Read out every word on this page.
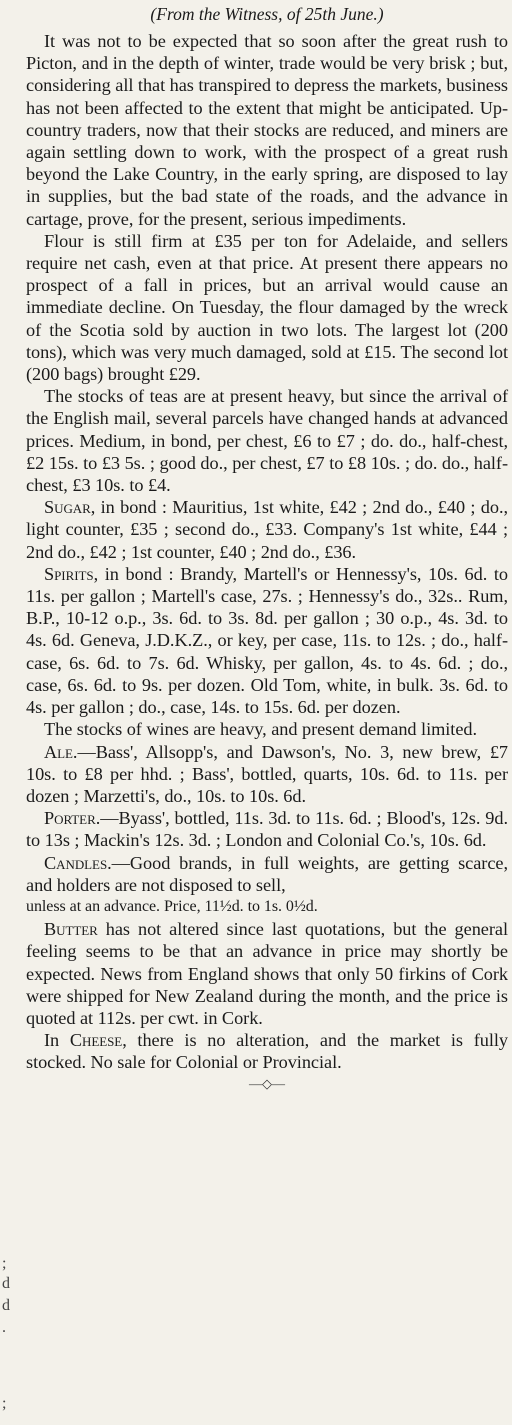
(From the Witness, of 25th June.)

It was not to be expected that so soon after the great rush to Picton, and in the depth of winter, trade would be very brisk ; but, considering all that has transpired to depress the markets, business has not been affected to the extent that might be anticipated. Up-country traders, now that their stocks are reduced, and miners are again settling down to work, with the prospect of a great rush beyond the Lake Country, in the early spring, are disposed to lay in supplies, but the bad state of the roads, and the advance in cartage, prove, for the present, serious impediments.

Flour is still firm at £35 per ton for Adelaide, and sellers require net cash, even at that price. At present there appears no prospect of a fall in prices, but an arrival would cause an immediate decline. On Tuesday, the flour damaged by the wreck of the Scotia sold by auction in two lots. The largest lot (200 tons), which was very much damaged, sold at £15. The second lot (200 bags) brought £29.

The stocks of teas are at present heavy, but since the arrival of the English mail, several parcels have changed hands at advanced prices. Medium, in bond, per chest, £6 to £7 ; do. do., half-chest, £2 15s. to £3 5s. ; good do., per chest, £7 to £8 10s. ; do. do., half-chest, £3 10s. to £4.

Sugar, in bond : Mauritius, 1st white, £42 ; 2nd do., £40 ; do., light counter, £35 ; second do., £33. Company's 1st white, £44 ; 2nd do., £42 ; 1st counter, £40 ; 2nd do., £36.

Spirits, in bond : Brandy, Martell's or Hennessy's, 10s. 6d. to 11s. per gallon ; Martell's case, 27s. ; Hennessy's do., 32s.. Rum, B.P., 10-12 o.p., 3s. 6d. to 3s. 8d. per gallon ; 30 o.p., 4s. 3d. to 4s. 6d. Geneva, J.D.K.Z., or key, per case, 11s. to 12s. ; do., half-case, 6s. 6d. to 7s. 6d. Whisky, per gallon, 4s. to 4s. 6d. ; do., case, 6s. 6d. to 9s. per dozen. Old Tom, white, in bulk. 3s. 6d. to 4s. per gallon ; do., case, 14s. to 15s. 6d. per dozen.

The stocks of wines are heavy, and present demand limited.

Ale.—Bass', Allsopp's, and Dawson's, No. 3, new brew, £7 10s. to £8 per hhd. ; Bass', bottled, quarts, 10s. 6d. to 11s. per dozen ; Marzetti's, do., 10s. to 10s. 6d.

Porter.—Byass', bottled, 11s. 3d. to 11s. 6d. ; Blood's, 12s. 9d. to 13s ; Mackin's 12s. 3d. ; London and Colonial Co.'s, 10s. 6d.

Candles.—Good brands, in full weights, are getting scarce, and holders are not disposed to sell,

unless at an advance. Price, 11½d. to 1s. 0½d.

Butter has not altered since last quotations, but the general feeling seems to be that an advance in price may shortly be expected. News from England shows that only 50 firkins of Cork were shipped for New Zealand during the month, and the price is quoted at 112s. per cwt. in Cork.

In Cheese, there is no alteration, and the market is fully stocked. No sale for Colonial or Provincial.

—◇—
;
d
d
.
;
